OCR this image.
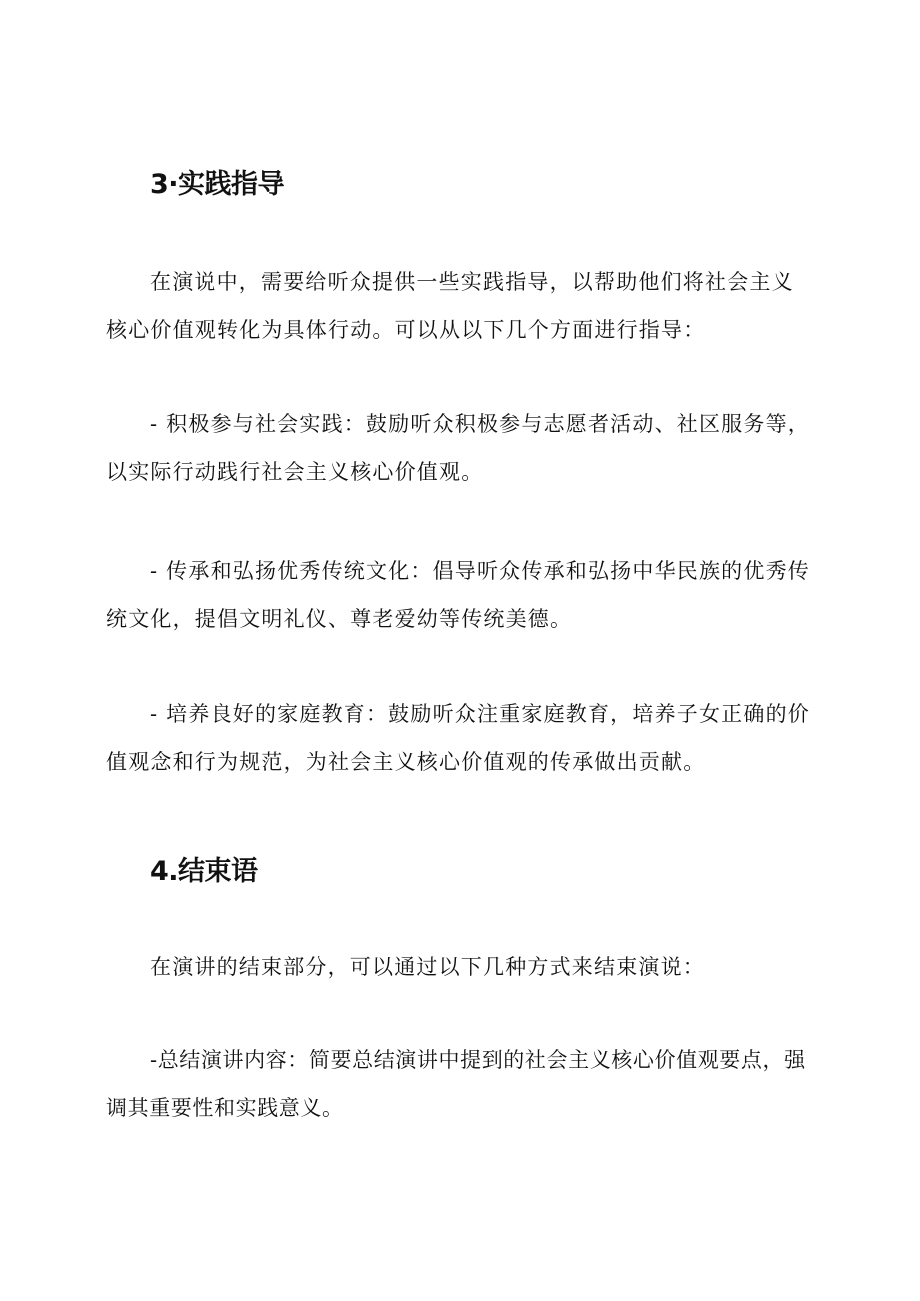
3·实践指导

在演说中，需要给听众提供一些实践指导，以帮助他们将社会主义核心价值观转化为具体行动。可以从以下几个方面进行指导：

- 积极参与社会实践：鼓励听众积极参与志愿者活动、社区服务等，以实际行动践行社会主义核心价值观。

- 传承和弘扬优秀传统文化：倡导听众传承和弘扬中华民族的优秀传统文化，提倡文明礼仪、尊老爱幼等传统美德。

- 培养良好的家庭教育：鼓励听众注重家庭教育，培养子女正确的价值观念和行为规范，为社会主义核心价值观的传承做出贡献。

4.结束语

在演讲的结束部分，可以通过以下几种方式来结束演说：

-总结演讲内容：简要总结演讲中提到的社会主义核心价值观要点，强调其重要性和实践意义。
